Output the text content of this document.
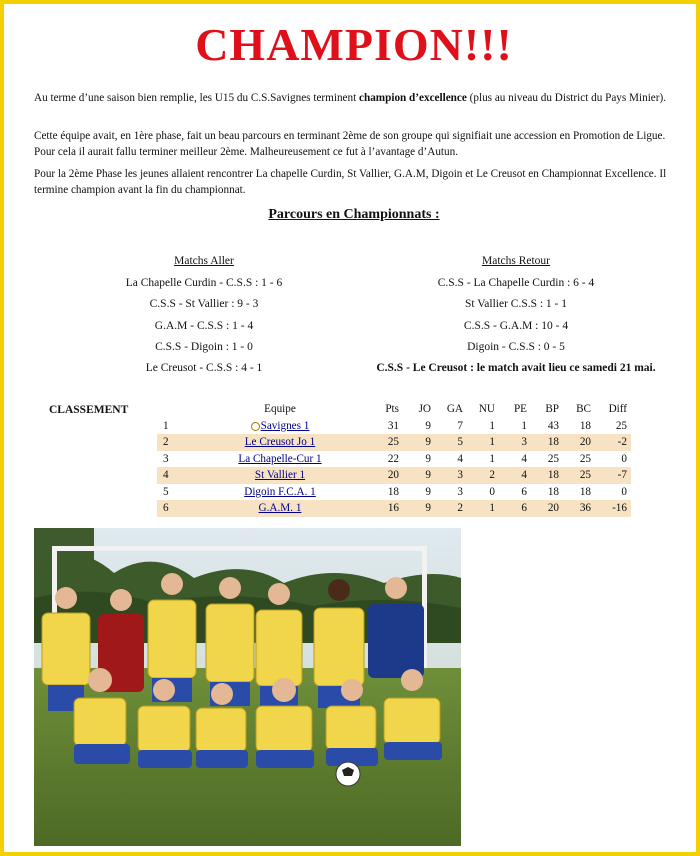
CHAMPION!!!
Au terme d’une saison bien remplie, les U15 du C.S.Savignes terminent champion d’excellence (plus au niveau du District du Pays Minier).
Cette équipe avait, en 1ère phase, fait un beau parcours en terminant 2ème de son groupe qui signifiait une accession en Promotion de Ligue. Pour cela il aurait fallu terminer meilleur 2ème. Malheureusement ce fut à l’avantage d’Autun.
Pour la 2ème Phase les jeunes allaient rencontrer La chapelle Curdin, St Vallier, G.A.M, Digoin et Le Creusot en Championnat Excellence. Il termine champion avant la fin du championnat.
Parcours en Championnats :
Matchs Aller
La Chapelle Curdin - C.S.S : 1 - 6
C.S.S - St Vallier : 9 - 3
G.A.M - C.S.S : 1 - 4
C.S.S - Digoin : 1 - 0
Le Creusot - C.S.S : 4 - 1
Matchs Retour
C.S.S - La Chapelle Curdin : 6 - 4
St Vallier C.S.S : 1 - 1
C.S.S - G.A.M : 10 - 4
Digoin - C.S.S : 0 - 5
C.S.S - Le Creusot : le match avait lieu ce samedi 21 mai.
CLASSEMENT
		Equipe	Pts	JO	GA	NU	PE	BP	BC	Diff
1	Savignes 1	31	9	7	1	1	43	18	25
2	Le Creusot Jo 1	25	9	5	1	3	18	20	-2
3	La Chapelle-Cur 1	22	9	4	1	4	25	25	0
4	St Vallier 1	20	9	3	2	4	18	25	-7
5	Digoin F.C.A. 1	18	9	3	0	6	18	18	0
6	G.A.M. 1	16	9	2	1	6	20	36	-16
